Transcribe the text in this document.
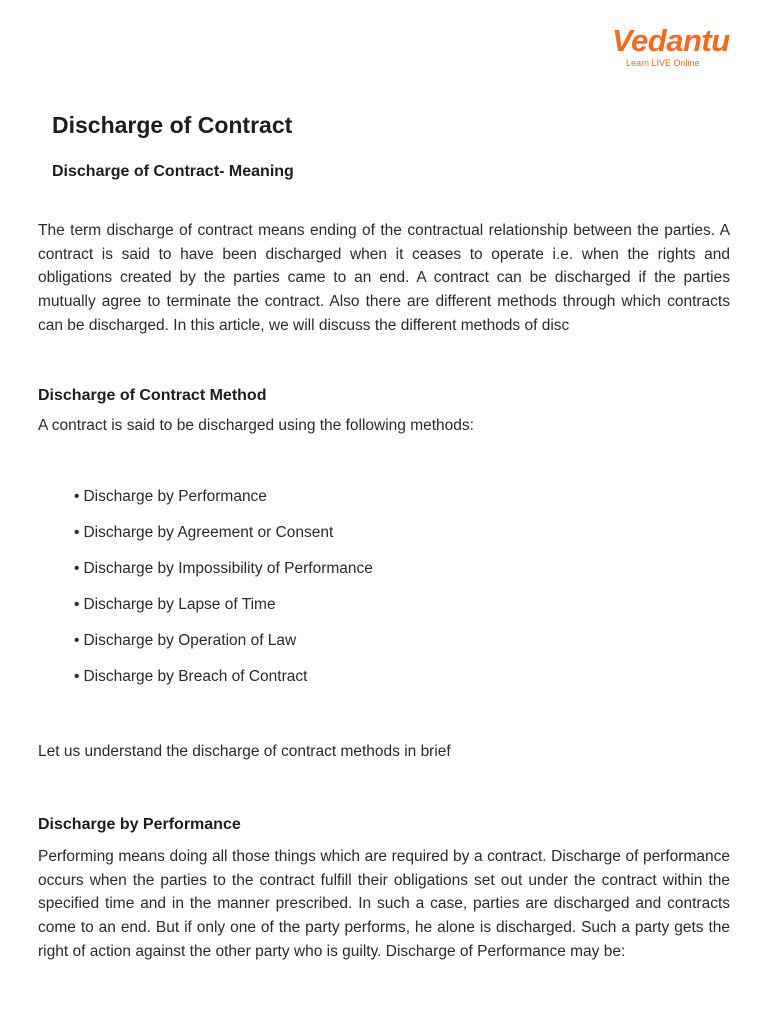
Vedantu
Learn LIVE Online
Discharge of Contract
Discharge of Contract- Meaning

The term discharge of contract means ending of the contractual relationship between the parties. A contract is said to have been discharged when it ceases to operate i.e. when the rights and obligations created by the parties came to an end. A contract can be discharged if the parties mutually agree to terminate the contract. Also there are different methods through which contracts can be discharged. In this article, we will discuss the different methods of disc

Discharge of Contract Method

A contract is said to be discharged using the following methods:

• Discharge by Performance
• Discharge by Agreement or Consent
• Discharge by Impossibility of Performance
• Discharge by Lapse of Time
• Discharge by Operation of Law
• Discharge by Breach of Contract

Let us understand the discharge of contract methods in brief

Discharge by Performance

Performing means doing all those things which are required by a contract. Discharge of performance occurs when the parties to the contract fulfill their obligations set out under the contract within the specified time and in the manner prescribed. In such a case, parties are discharged and contracts come to an end. But if only one of the party performs, he alone is discharged. Such a party gets the right of action against the other party who is guilty. Discharge of Performance may be:
